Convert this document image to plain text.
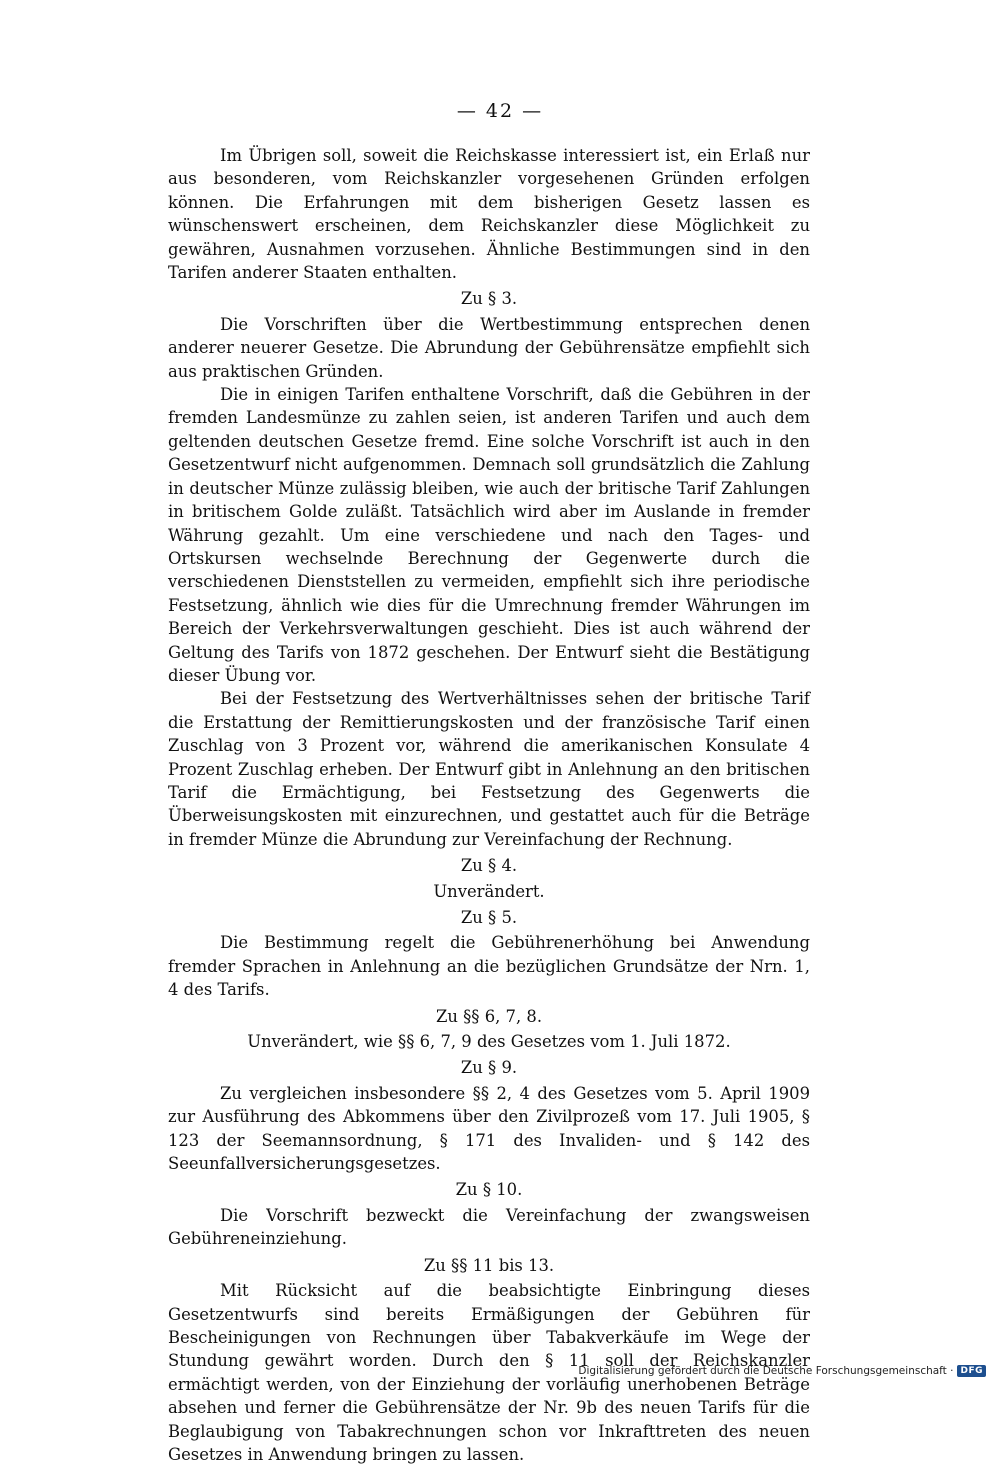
— 42 —

Im Übrigen soll, soweit die Reichskasse interessiert ist, ein Erlaß nur aus besonderen, vom Reichskanzler vorgesehenen Gründen erfolgen können. Die Erfahrungen mit dem bisherigen Gesetz lassen es wünschenswert erscheinen, dem Reichskanzler diese Möglichkeit zu gewähren, Ausnahmen vorzusehen. Ähnliche Bestimmungen sind in den Tarifen anderer Staaten enthalten.

Zu § 3.

Die Vorschriften über die Wertbestimmung entsprechen denen anderer neuerer Gesetze. Die Abrundung der Gebührensätze empfiehlt sich aus praktischen Gründen.

Die in einigen Tarifen enthaltene Vorschrift, daß die Gebühren in der fremden Landesmünze zu zahlen seien, ist anderen Tarifen und auch dem geltenden deutschen Gesetze fremd. Eine solche Vorschrift ist auch in den Gesetzentwurf nicht aufgenommen. Demnach soll grundsätzlich die Zahlung in deutscher Münze zulässig bleiben, wie auch der britische Tarif Zahlungen in britischem Golde zuläßt. Tatsächlich wird aber im Auslande in fremder Währung gezahlt. Um eine verschiedene und nach den Tages- und Ortskursen wechselnde Berechnung der Gegenwerte durch die verschiedenen Dienststellen zu vermeiden, empfiehlt sich ihre periodische Festsetzung, ähnlich wie dies für die Umrechnung fremder Währungen im Bereich der Verkehrsverwaltungen geschieht. Dies ist auch während der Geltung des Tarifs von 1872 geschehen. Der Entwurf sieht die Bestätigung dieser Übung vor.

Bei der Festsetzung des Wertverhältnisses sehen der britische Tarif die Erstattung der Remittierungskosten und der französische Tarif einen Zuschlag von 3 Prozent vor, während die amerikanischen Konsulate 4 Prozent Zuschlag erheben. Der Entwurf gibt in Anlehnung an den britischen Tarif die Ermächtigung, bei Festsetzung des Gegenwerts die Überweisungskosten mit einzurechnen, und gestattet auch für die Beträge in fremder Münze die Abrundung zur Vereinfachung der Rechnung.

Zu § 4.

Unverändert.

Zu § 5.

Die Bestimmung regelt die Gebührenerhöhung bei Anwendung fremder Sprachen in Anlehnung an die bezüglichen Grundsätze der Nrn. 1, 4 des Tarifs.

Zu §§ 6, 7, 8.

Unverändert, wie §§ 6, 7, 9 des Gesetzes vom 1. Juli 1872.

Zu § 9.

Zu vergleichen insbesondere §§ 2, 4 des Gesetzes vom 5. April 1909 zur Ausführung des Abkommens über den Zivilprozeß vom 17. Juli 1905, § 123 der Seemannsordnung, § 171 des Invaliden- und § 142 des Seeunfallversicherungsgesetzes.

Zu § 10.

Die Vorschrift bezweckt die Vereinfachung der zwangsweisen Gebühreneinziehung.

Zu §§ 11 bis 13.

Mit Rücksicht auf die beabsichtigte Einbringung dieses Gesetzentwurfs sind bereits Ermäßigungen der Gebühren für Bescheinigungen von Rechnungen über Tabakverkäufe im Wege der Stundung gewährt worden. Durch den § 11 soll der Reichskanzler ermächtigt werden, von der Einziehung der vorläufig unerhobenen Beträge absehen und ferner die Gebührensätze der Nr. 9b des neuen Tarifs für die Beglaubigung von Tabakrechnungen schon vor Inkrafttreten des neuen Gesetzes in Anwendung bringen zu lassen.

Digitalisierung gefördert durch die Deutsche Forschungsgemeinschaft · DFG
